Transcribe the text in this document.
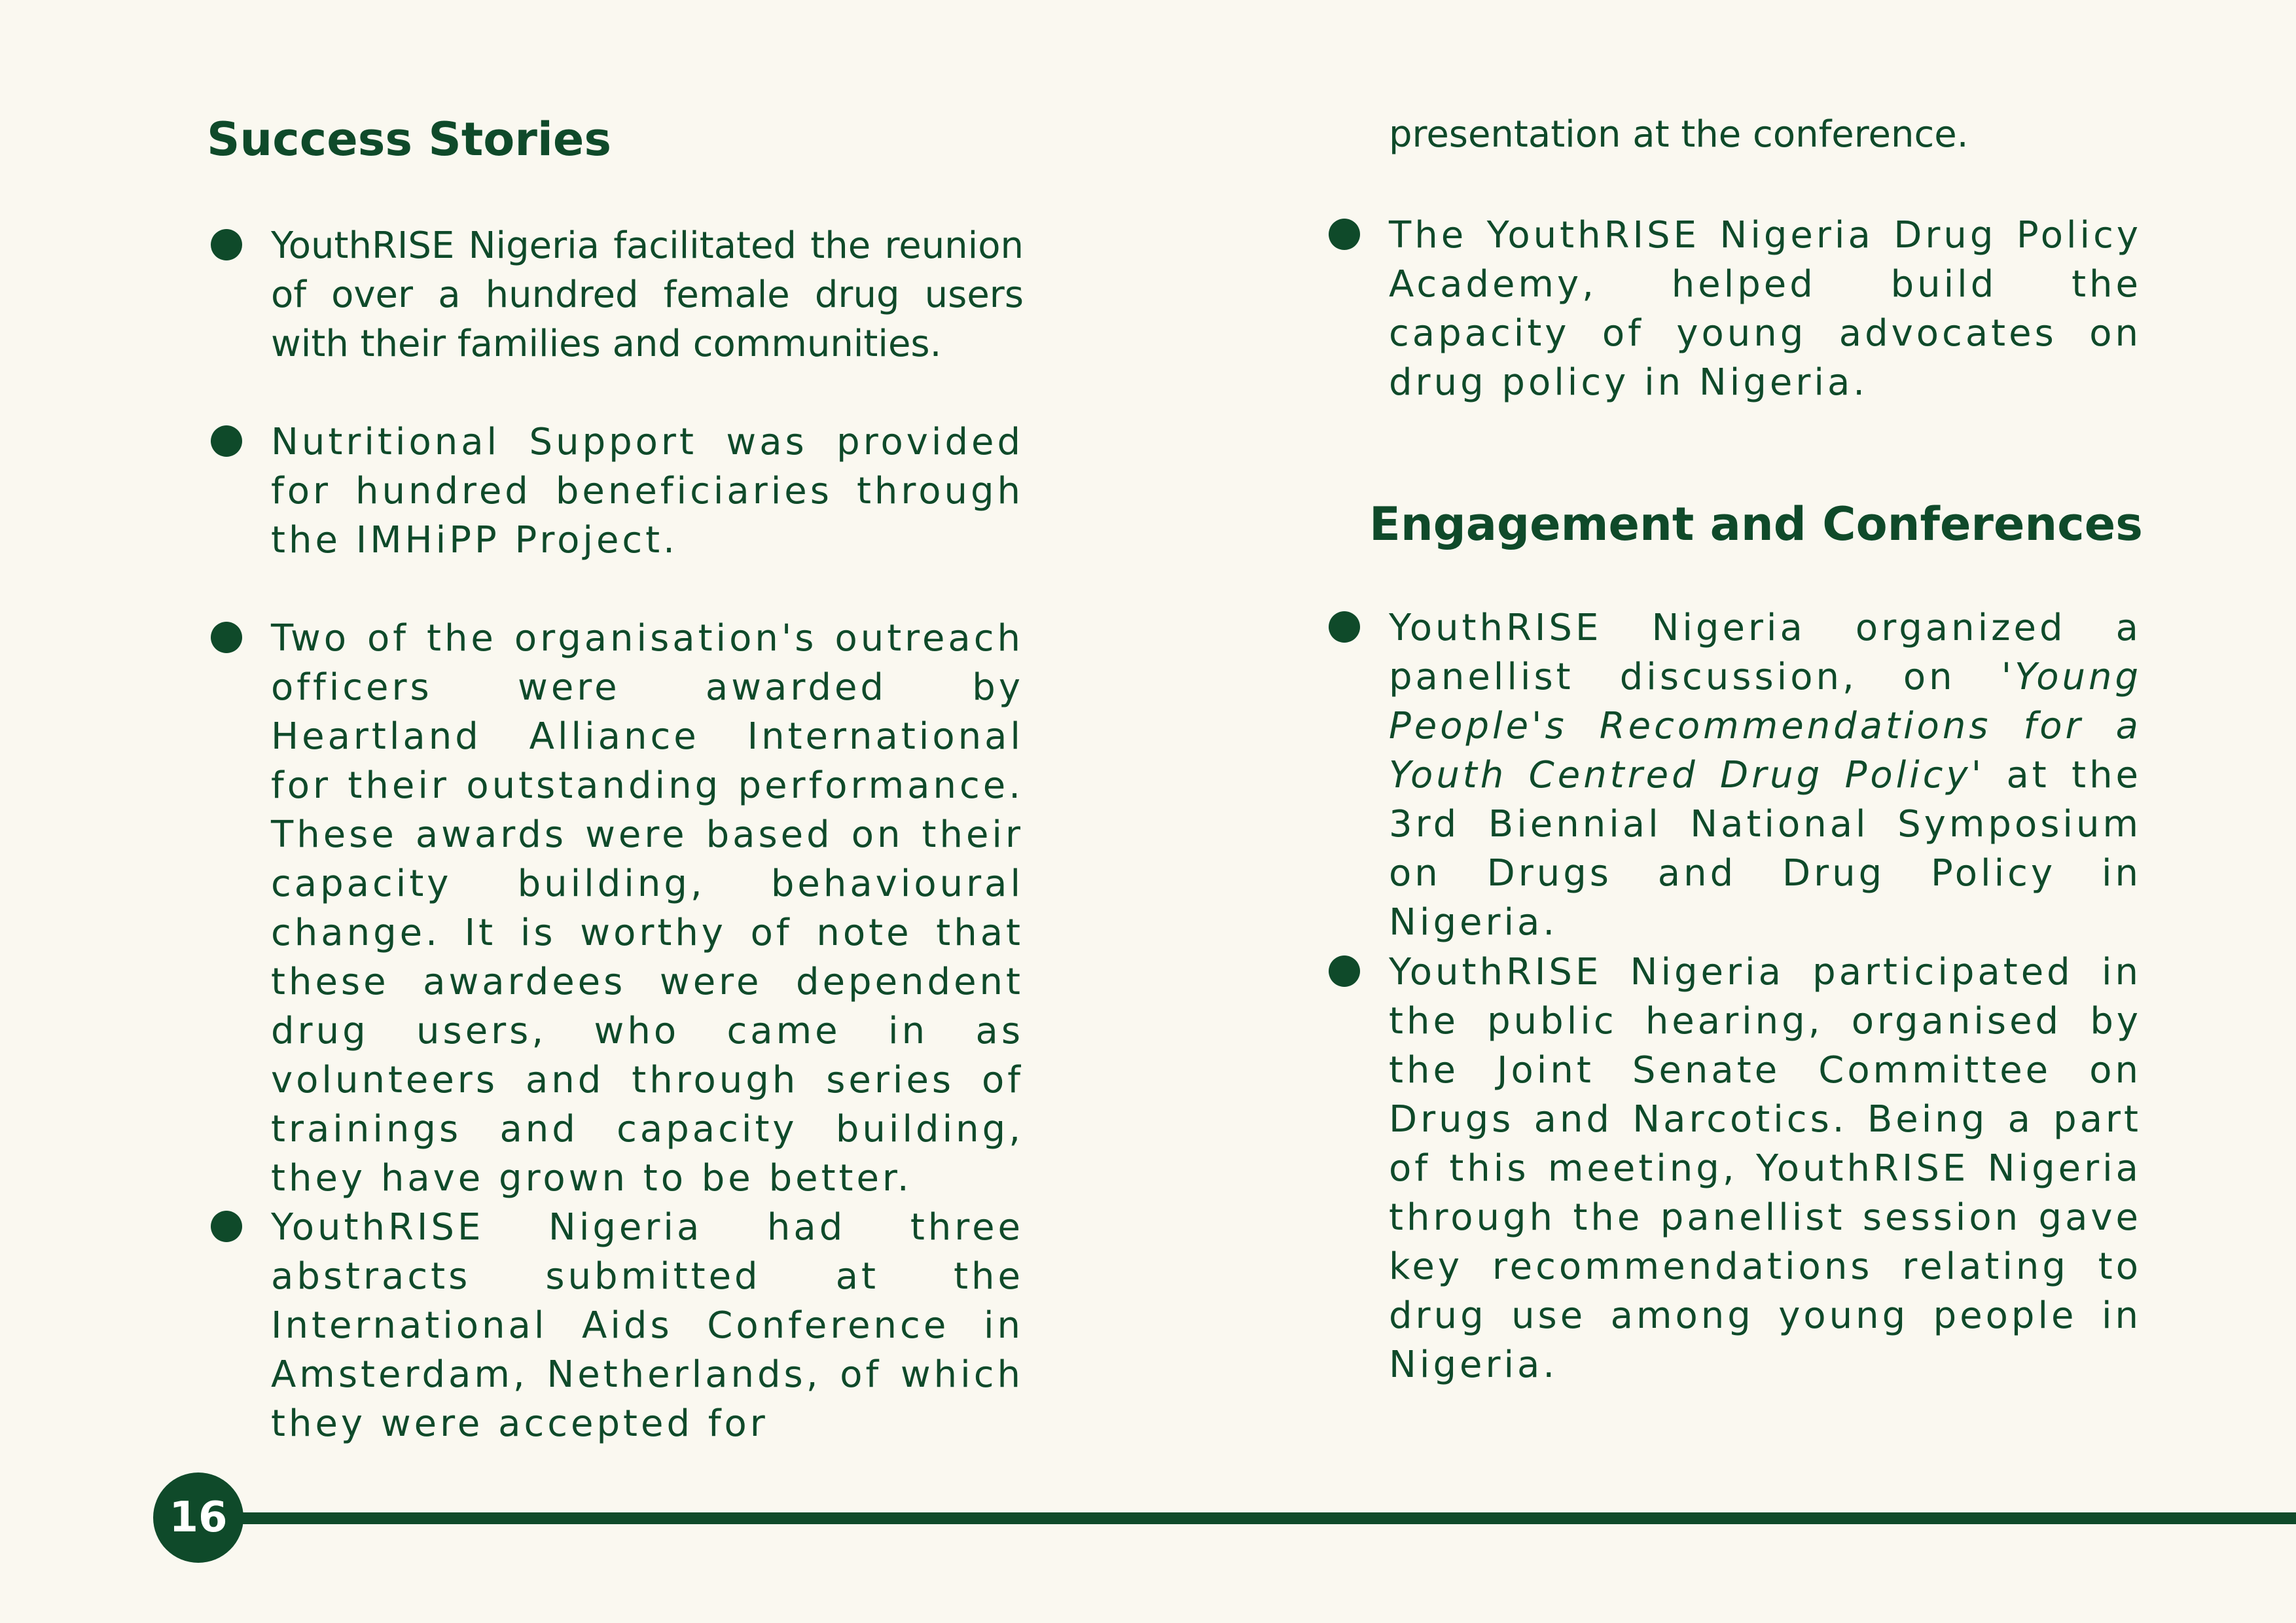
Success Stories

YouthRISE Nigeria facilitated the reunion of over a hundred female drug users with their families and communities.

Nutritional Support was provided for hundred beneficiaries through the IMHiPP Project.

Two of the organisation's outreach officers were awarded by Heartland Alliance International for their outstanding performance. These awards were based on their capacity building, behavioural change. It is worthy of note that these awardees were dependent drug users, who came in as volunteers and through series of trainings and capacity building, they have grown to be better.

YouthRISE Nigeria had three abstracts submitted at the International Aids Conference in Amsterdam, Netherlands, of which they were accepted for

presentation at the conference.

The YouthRISE Nigeria Drug Policy Academy, helped build the capacity of young advocates on drug policy in Nigeria.

Engagement and Conferences

YouthRISE Nigeria organized a panellist discussion, on 'Young People's Recommendations for a Youth Centred Drug Policy' at the 3rd Biennial National Symposium on Drugs and Drug Policy in Nigeria.

YouthRISE Nigeria participated in the public hearing, organised by the Joint Senate Committee on Drugs and Narcotics. Being a part of this meeting, YouthRISE Nigeria through the panellist session gave key recommendations relating to drug use among young people in Nigeria.

16
